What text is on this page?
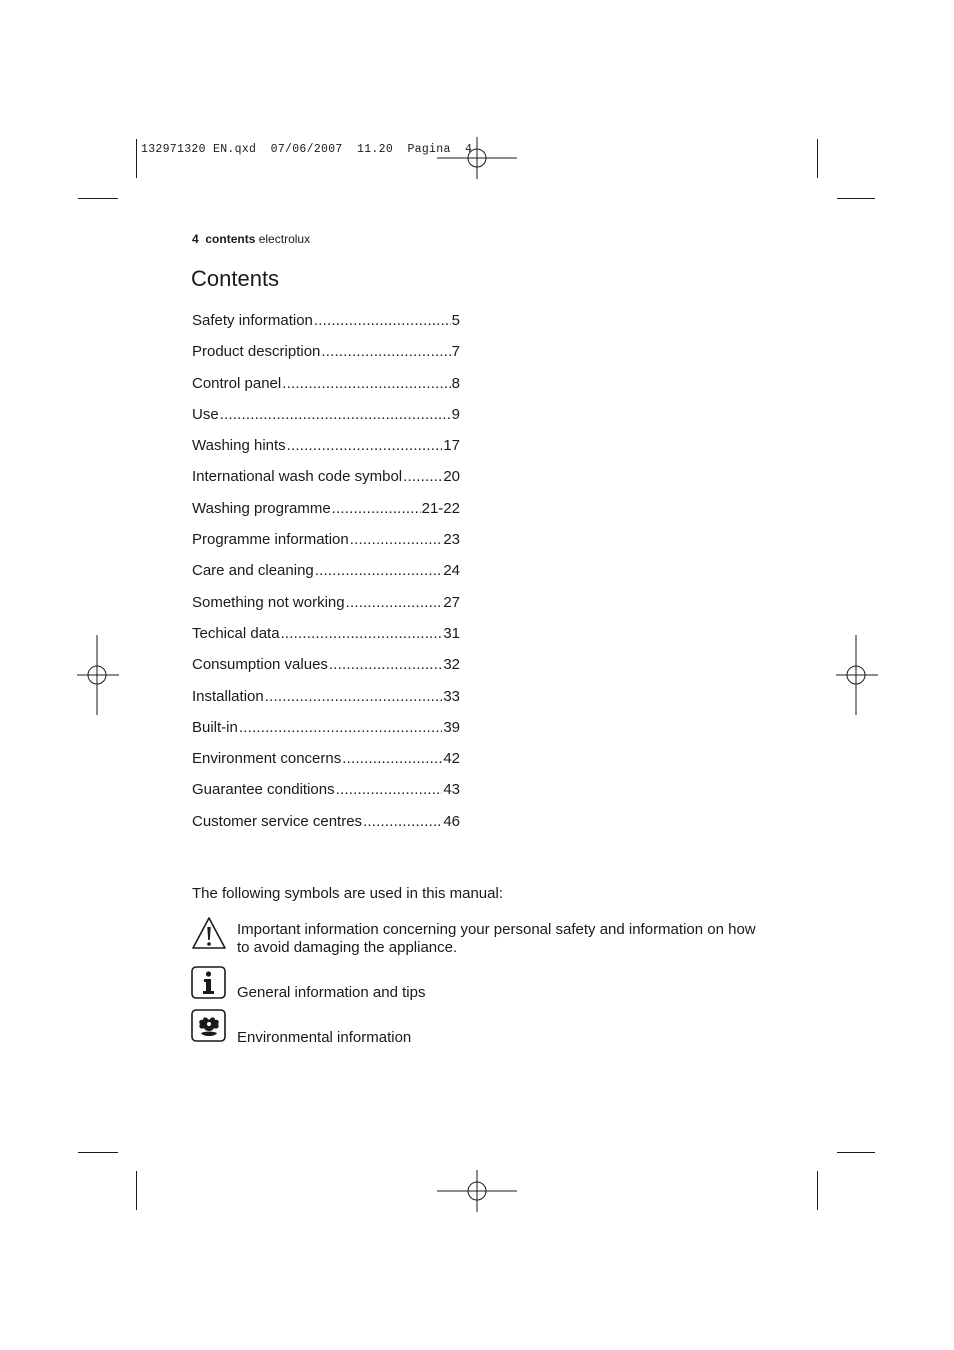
132971320 EN.qxd  07/06/2007  11.20  Pagina  4
4 contents electrolux
Contents
Safety information .....	5
Product description .....	7
Control panel .....	8
Use .....	9
Washing hints .....	17
International wash code symbol .....	20
Washing programme .....	21-22
Programme information .....	23
Care and cleaning .....	24
Something not working .....	27
Techical data .....	31
Consumption values .....	32
Installation .....	33
Built-in .....	39
Environment concerns .....	42
Guarantee conditions .....	43
Customer service centres .....	46
The following symbols are used in this manual:
Important information concerning your personal safety and information on how
to avoid damaging the appliance.
General information and tips
Environmental information
